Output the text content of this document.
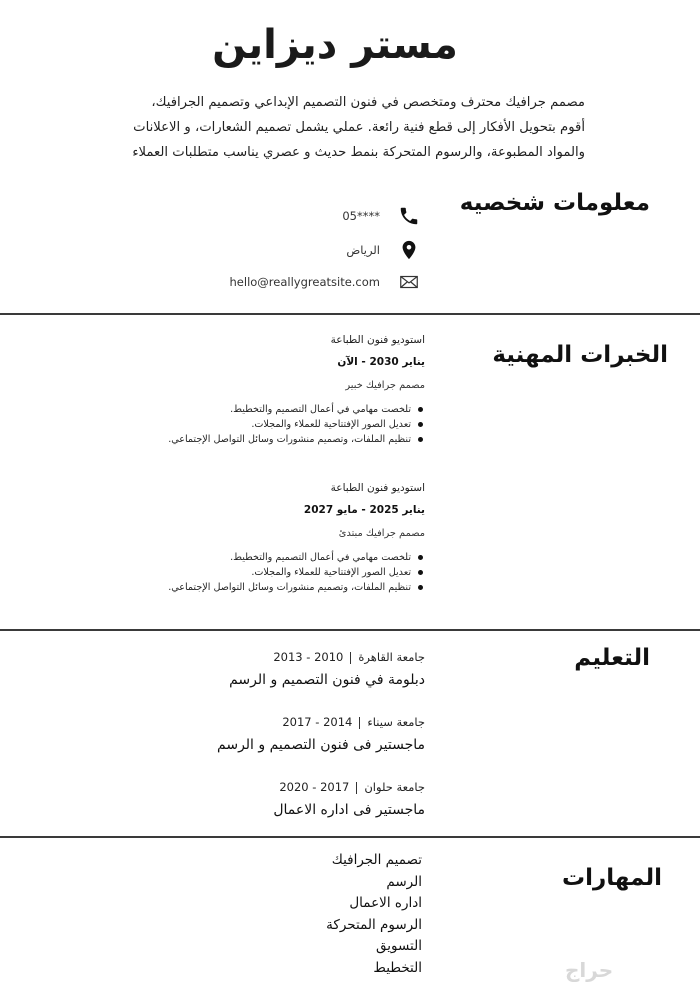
مستر ديزاين
مصمم جرافيك محترف ومتخصص في فنون التصميم الإبداعي وتصميم الجرافيك،
أقوم بتحويل الأفكار إلى قطع فنية رائعة. عملي يشمل تصميم الشعارات، و الاعلانات
والمواد المطبوعة، والرسوم المتحركة بنمط حديث و عصري يناسب متطلبات العملاء
معلومات شخصيه
05****
الرياض
hello@reallygreatsite.com
الخبرات المهنية
استوديو فنون الطباعة
يناير 2030 - الآن
مصمم جرافيك خبير
تلخصت مهامي في أعمال التصميم والتخطيط.
تعديل الصور الإفتتاحية للعملاء والمجلات.
تنظيم الملفات، وتصميم منشورات وسائل التواصل الإجتماعي.
استوديو فنون الطباعة
يناير 2025 - مايو 2027
مصمم جرافيك مبتدئ
تلخصت مهامي في أعمال التصميم والتخطيط.
تعديل الصور الإفتتاحية للعملاء والمجلات.
تنظيم الملفات، وتصميم منشورات وسائل التواصل الإجتماعي.
التعليم
جامعة القاهرة2010 - 2013
دبلومة في فنون التصميم و الرسم
جامعة سيناء2014 - 2017
ماجستير فى فنون التصميم و الرسم
جامعة حلوان2017 - 2020
ماجستير فى اداره الاعمال
المهارات
تصميم الجرافيك
الرسم
اداره الاعمال
الرسوم المتحركة
التسويق
التخطيط	حراج
